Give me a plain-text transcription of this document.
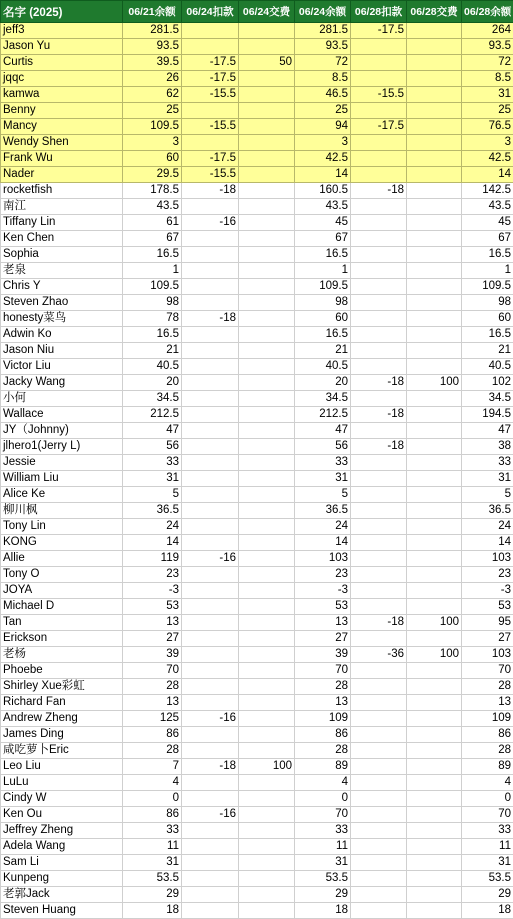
名字 (2025)	06/21余额	06/24扣款	06/24交费	06/24余额	06/28扣款	06/28交费	06/28余额
jeff3	281.5			281.5	-17.5		264
Jason Yu	93.5			93.5			93.5
Curtis	39.5	-17.5	50	72			72
jqqc	26	-17.5		8.5			8.5
kamwa	62	-15.5		46.5	-15.5		31
Benny	25			25			25
Mancy	109.5	-15.5		94	-17.5		76.5
Wendy Shen	3			3			3
Frank Wu	60	-17.5		42.5			42.5
Nader	29.5	-15.5		14			14
rocketfish	178.5	-18		160.5	-18		142.5
南江	43.5			43.5			43.5
Tiffany Lin	61	-16		45			45
Ken Chen	67			67			67
Sophia	16.5			16.5			16.5
老泉	1			1			1
Chris Y	109.5			109.5			109.5
Steven Zhao	98			98			98
honesty菜鸟	78	-18		60			60
Adwin Ko	16.5			16.5			16.5
Jason Niu	21			21			21
Victor Liu	40.5			40.5			40.5
Jacky Wang	20			20	-18	100	102
小何	34.5			34.5			34.5
Wallace	212.5			212.5	-18		194.5
JY（Johnny)	47			47			47
jlhero1(Jerry L)	56			56	-18		38
Jessie	33			33			33
William Liu	31			31			31
Alice Ke	5			5			5
柳川枫	36.5			36.5			36.5
Tony Lin	24			24			24
KONG	14			14			14
Allie	119	-16		103			103
Tony O	23			23			23
JOYA	-3			-3			-3
Michael D	53			53			53
Tan	13			13	-18	100	95
Erickson	27			27			27
老杨	39			39	-36	100	103
Phoebe	70			70			70
Shirley Xue彩虹	28			28			28
Richard Fan	13			13			13
Andrew Zheng	125	-16		109			109
James Ding	86			86			86
咸吃萝卜Eric	28			28			28
Leo Liu	7	-18	100	89			89
LuLu	4			4			4
Cindy W	0			0			0
Ken Ou	86	-16		70			70
Jeffrey Zheng	33			33			33
Adela Wang	11			11			11
Sam Li	31			31			31
Kunpeng	53.5			53.5			53.5
老郭Jack	29			29			29
Steven Huang	18			18			18
